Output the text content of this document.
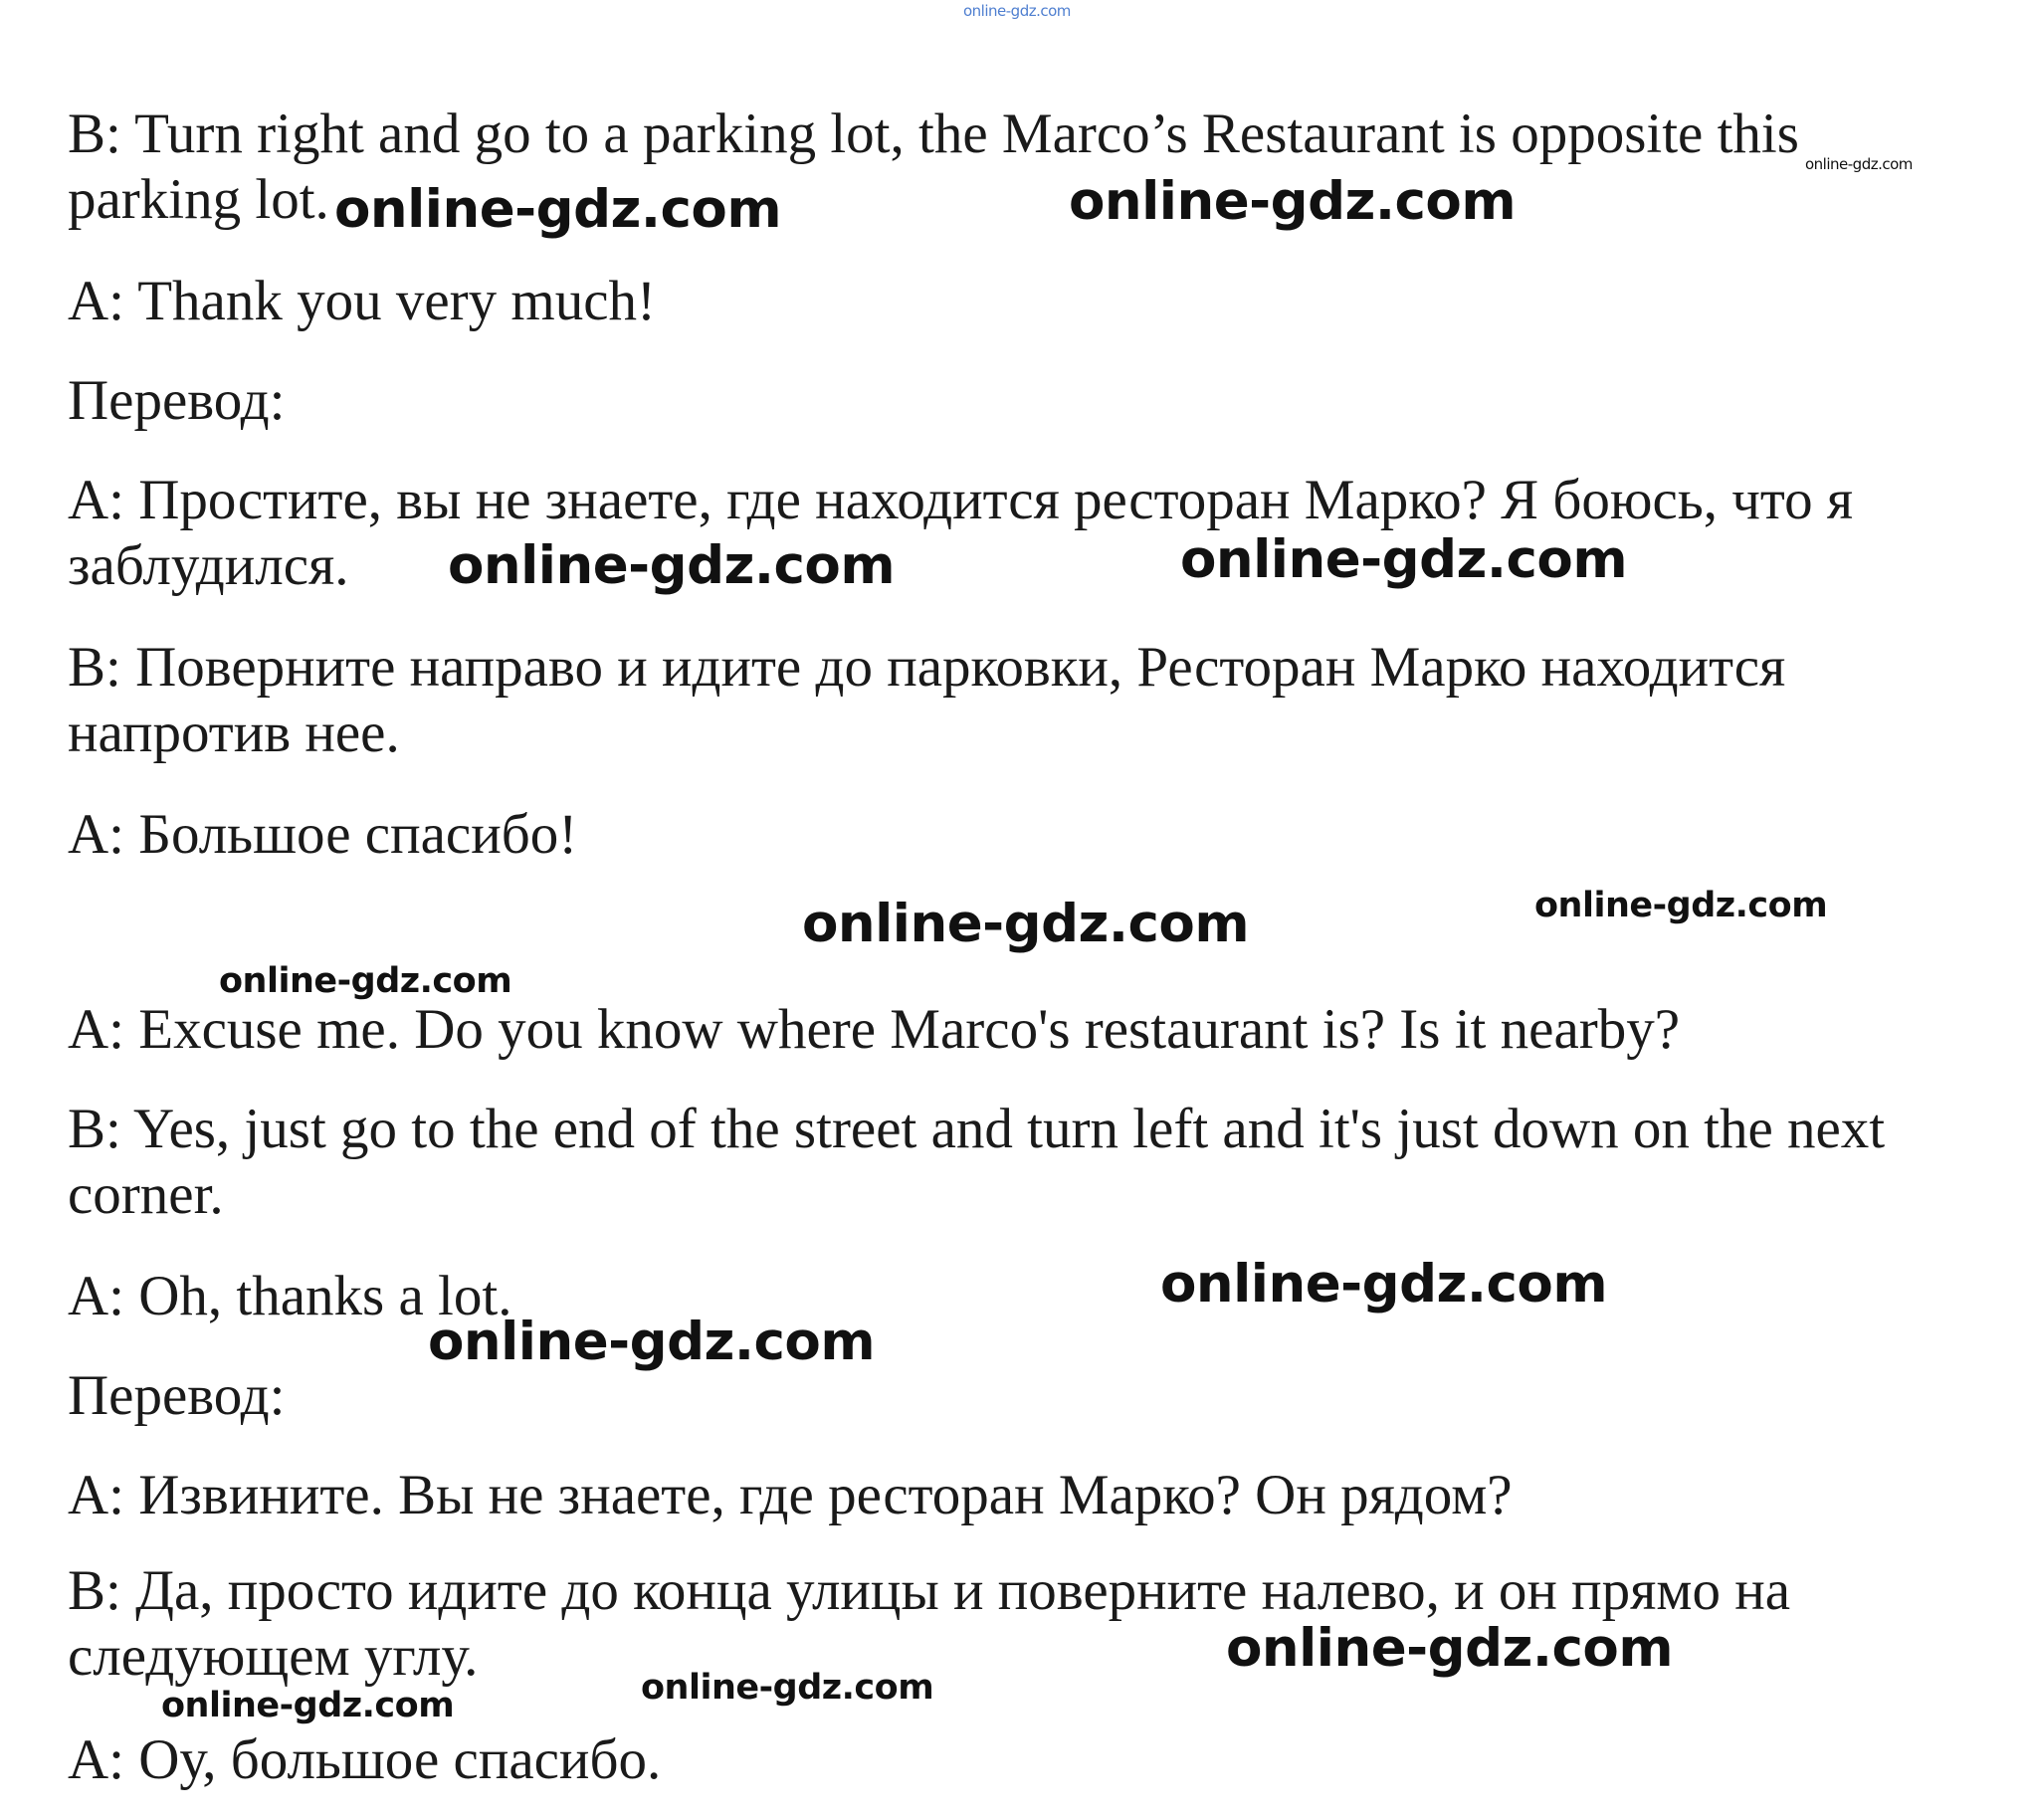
online-gdz.com

B: Turn right and go to a parking lot, the Marco’s Restaurant is opposite this parking lot.

A: Thank you very much!

Перевод:

A: Простите, вы не знаете, где находится ресторан Марко? Я боюсь, что я заблудился.

B: Поверните направо и идите до парковки, Ресторан Марко находится напротив нее.

A: Большое спасибо!

A: Excuse me. Do you know where Marco's restaurant is? Is it nearby?

B: Yes, just go to the end of the street and turn left and it's just down on the next corner.

A: Oh, thanks a lot.

Перевод:

A: Извините. Вы не знаете, где ресторан Марко? Он рядом?

B: Да, просто идите до конца улицы и поверните налево, и он прямо на следующем углу.

A: Оу, большое спасибо.

online-gdz.com
online-gdz.com	online-gdz.com
online-gdz.com	online-gdz.com
online-gdz.com	online-gdz.com
online-gdz.com
online-gdz.com
online-gdz.com
online-gdz.com
online-gdz.com
online-gdz.com
